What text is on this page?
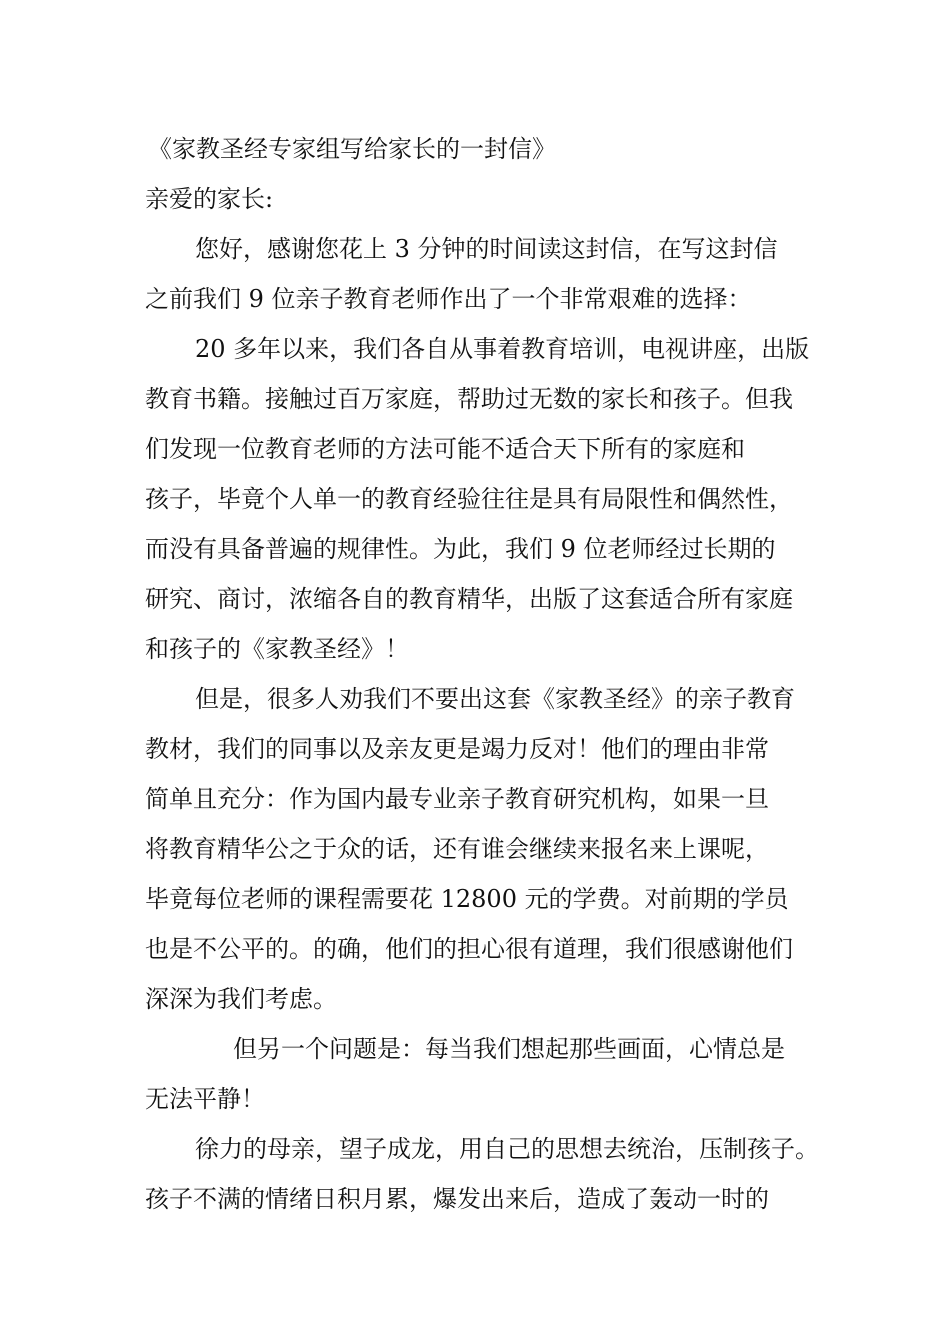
《家教圣经专家组写给家长的一封信》
亲爱的家长:
您好，感谢您花上 3 分钟的时间读这封信，在写这封信
之前我们 9 位亲子教育老师作出了一个非常艰难的选择：
20 多年以来，我们各自从事着教育培训，电视讲座，出版
教育书籍。接触过百万家庭，帮助过无数的家长和孩子。但我
们发现一位教育老师的方法可能不适合天下所有的家庭和
孩子，毕竟个人单一的教育经验往往是具有局限性和偶然性，
而没有具备普遍的规律性。为此，我们 9 位老师经过长期的
研究、商讨，浓缩各自的教育精华，出版了这套适合所有家庭
和孩子的《家教圣经》！
但是，很多人劝我们不要出这套《家教圣经》的亲子教育
教材，我们的同事以及亲友更是竭力反对！他们的理由非常
简单且充分：作为国内最专业亲子教育研究机构，如果一旦
将教育精华公之于众的话，还有谁会继续来报名来上课呢，
毕竟每位老师的课程需要花 12800 元的学费。对前期的学员
也是不公平的。的确，他们的担心很有道理，我们很感谢他们
深深为我们考虑。
但另一个问题是：每当我们想起那些画面，心情总是
无法平静！
徐力的母亲，望子成龙，用自己的思想去统治，压制孩子。
孩子不满的情绪日积月累，爆发出来后，造成了轰动一时的
